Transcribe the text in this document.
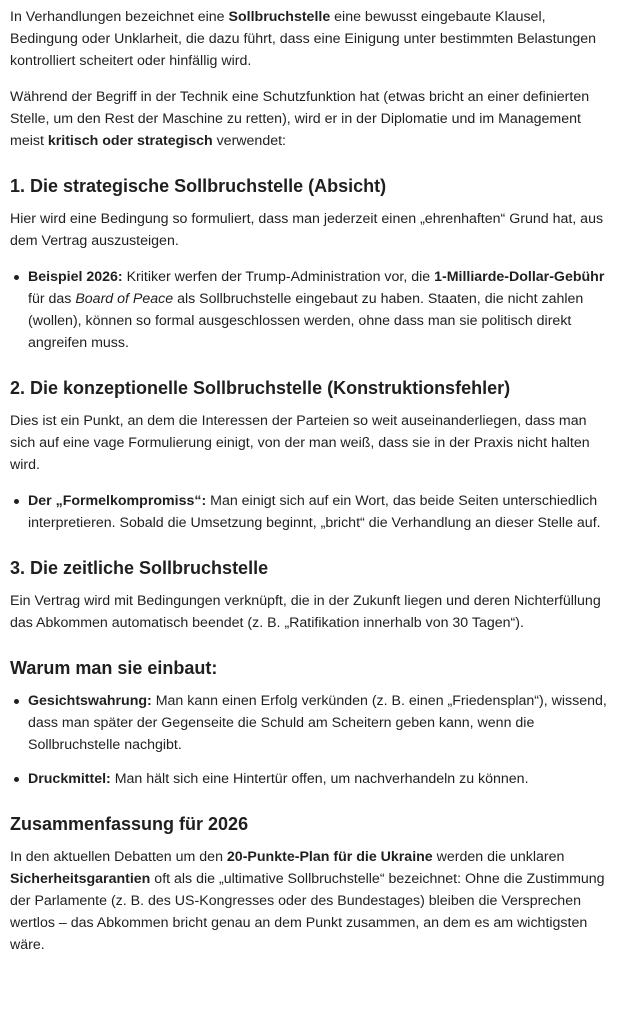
In Verhandlungen bezeichnet eine Sollbruchstelle eine bewusst eingebaute Klausel, Bedingung oder Unklarheit, die dazu führt, dass eine Einigung unter bestimmten Belastungen kontrolliert scheitert oder hinfällig wird.

Während der Begriff in der Technik eine Schutzfunktion hat (etwas bricht an einer definierten Stelle, um den Rest der Maschine zu retten), wird er in der Diplomatie und im Management meist kritisch oder strategisch verwendet:

1. Die strategische Sollbruchstelle (Absicht)

Hier wird eine Bedingung so formuliert, dass man jederzeit einen „ehrenhaften“ Grund hat, aus dem Vertrag auszusteigen.

Beispiel 2026: Kritiker werfen der Trump-Administration vor, die 1-Milliarde-Dollar-Gebühr für das Board of Peace als Sollbruchstelle eingebaut zu haben. Staaten, die nicht zahlen (wollen), können so formal ausgeschlossen werden, ohne dass man sie politisch direkt angreifen muss.
2. Die konzeptionelle Sollbruchstelle (Konstruktionsfehler)

Dies ist ein Punkt, an dem die Interessen der Parteien so weit auseinanderliegen, dass man sich auf eine vage Formulierung einigt, von der man weiß, dass sie in der Praxis nicht halten wird.

Der „Formelkompromiss“: Man einigt sich auf ein Wort, das beide Seiten unterschiedlich interpretieren. Sobald die Umsetzung beginnt, „bricht“ die Verhandlung an dieser Stelle auf.
3. Die zeitliche Sollbruchstelle

Ein Vertrag wird mit Bedingungen verknüpft, die in der Zukunft liegen und deren Nichterfüllung das Abkommen automatisch beendet (z. B. „Ratifikation innerhalb von 30 Tagen“).

Warum man sie einbaut:
Gesichtswahrung: Man kann einen Erfolg verkünden (z. B. einen „Friedensplan“), wissend, dass man später der Gegenseite die Schuld am Scheitern geben kann, wenn die Sollbruchstelle nachgibt.
Druckmittel: Man hält sich eine Hintertür offen, um nachverhandeln zu können.
Zusammenfassung für 2026

In den aktuellen Debatten um den 20-Punkte-Plan für die Ukraine werden die unklaren Sicherheitsgarantien oft als die „ultimative Sollbruchstelle“ bezeichnet: Ohne die Zustimmung der Parlamente (z. B. des US-Kongresses oder des Bundestages) bleiben die Versprechen wertlos – das Abkommen bricht genau an dem Punkt zusammen, an dem es am wichtigsten wäre.
